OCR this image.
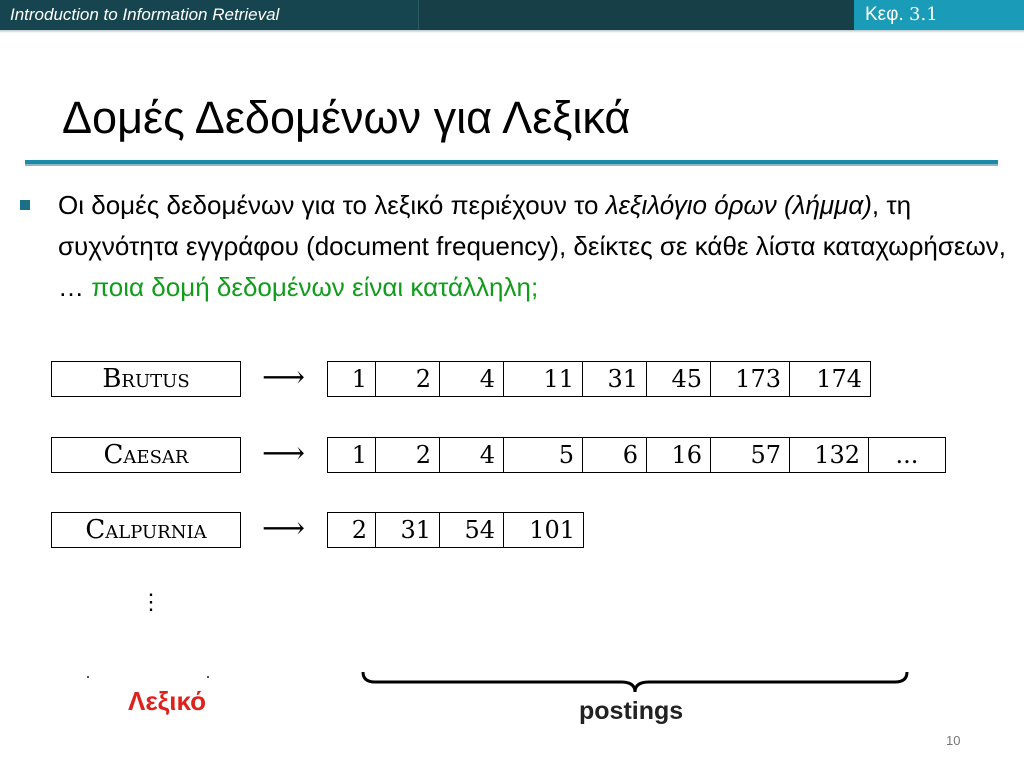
Introduction to Information Retrieval	Κεφ. 3.1
Δομές Δεδομένων για Λεξικά
Οι δομές δεδομένων για το λεξικό περιέχουν το λεξιλόγιο όρων (λήμμα), τη συχνότητα εγγράφου (document frequency), δείκτες σε κάθε λίστα καταχωρήσεων, … ποια δομή δεδομένων είναι κατάλληλη;
Brutus	⟶	1	2	4	11	31	45	173	174
Caesar	⟶	1	2	4	5	6	16	57	132	...
Calpurnia	⟶	2	31	54	101
⋮
Λεξικό	postings
10
